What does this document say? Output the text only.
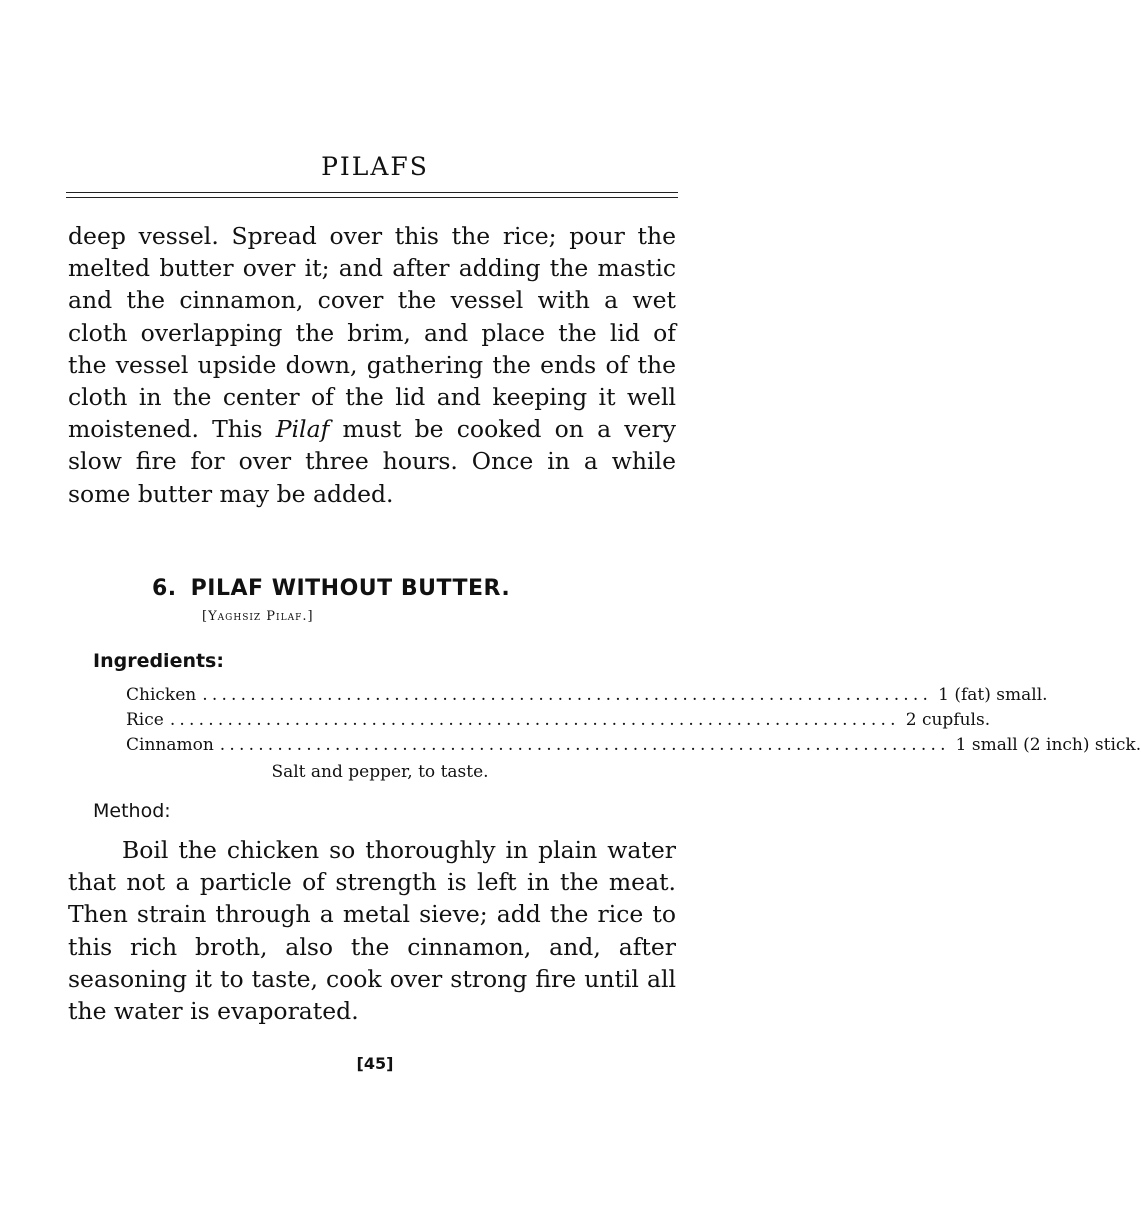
PILAFS

deep vessel. Spread over this the rice; pour the melted butter over it; and after adding the mastic and the cinnamon, cover the vessel with a wet cloth overlapping the brim, and place the lid of the vessel upside down, gathering the ends of the cloth in the center of the lid and keeping it well moistened. This Pilaf must be cooked on a very slow fire for over three hours. Once in a while some butter may be added.

6. PILAF WITHOUT BUTTER.
[Yaghsiz Pilaf.]
Ingredients:
Chicken ............................................................................ 1 (fat) small.
Rice ............................................................................ 2 cupfuls.
Cinnamon ............................................................................ 1 small (2 inch) stick.
Salt and pepper, to taste.
Method:

Boil the chicken so thoroughly in plain water that not a particle of strength is left in the meat. Then strain through a metal sieve; add the rice to this rich broth, also the cinnamon, and, after seasoning it to taste, cook over strong fire until all the water is evaporated.

[45]
